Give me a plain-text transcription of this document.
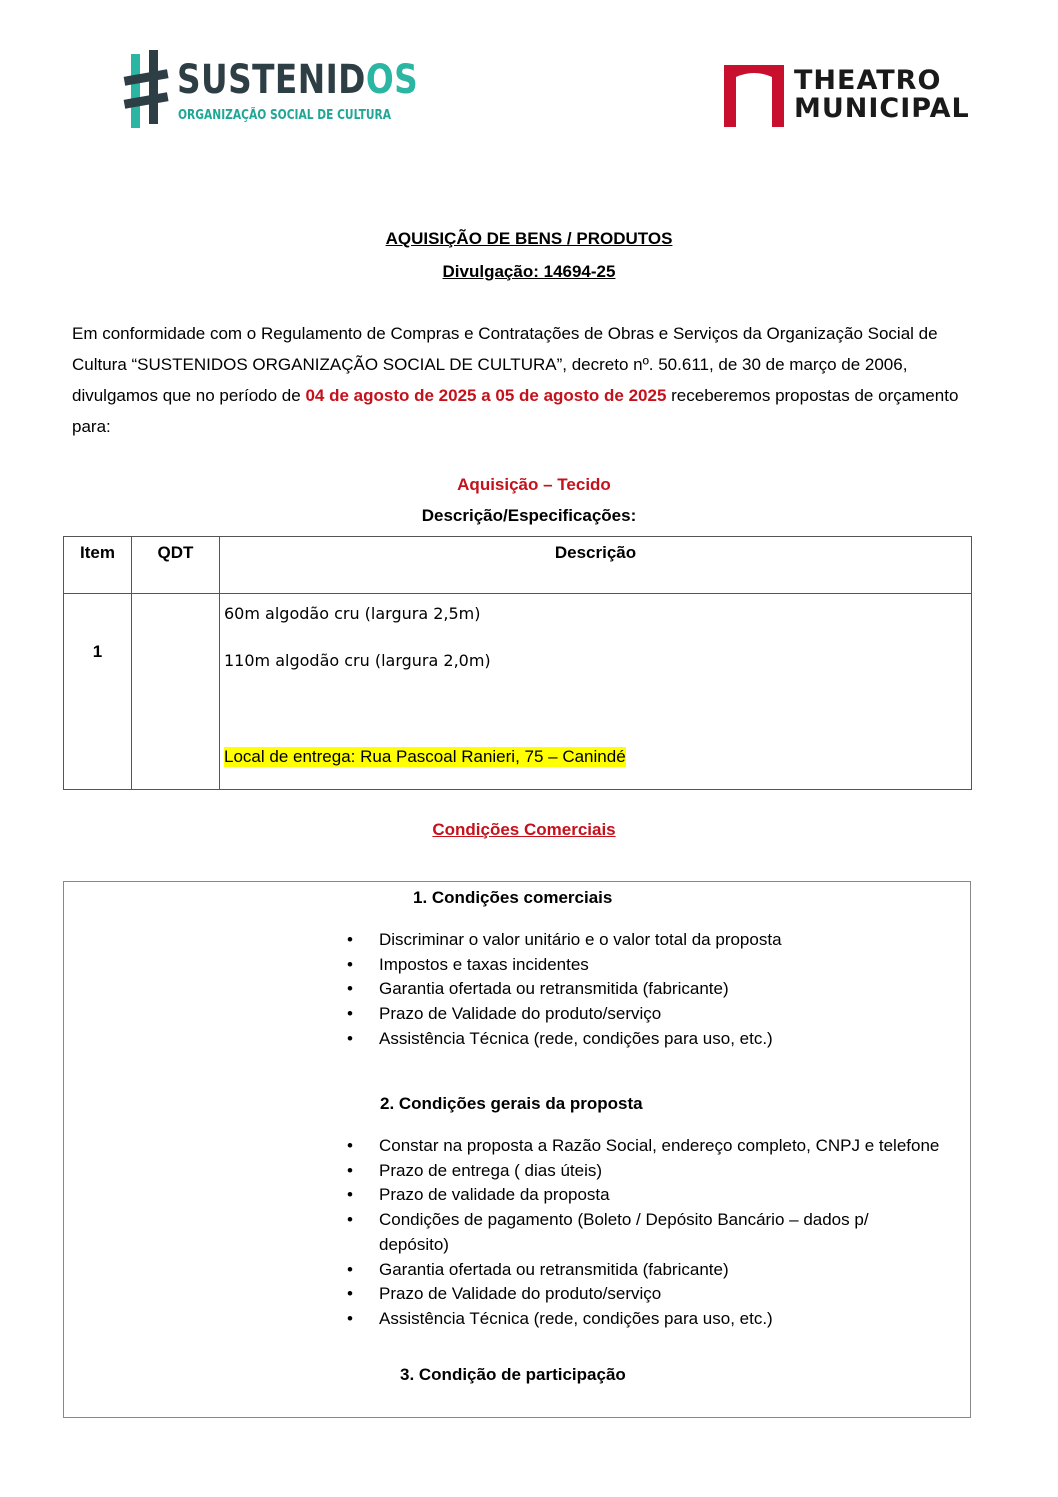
SUSTENIDOS
ORGANIZAÇÃO SOCIAL DE CULTURA
THEATRO
MUNICIPAL
AQUISIÇÃO DE BENS / PRODUTOS
Divulgação: 14694-25
Em conformidade com o Regulamento de Compras e Contratações de Obras e Serviços da Organização Social de Cultura “SUSTENIDOS ORGANIZAÇÃO SOCIAL DE CULTURA”, decreto nº. 50.611, de 30 de março de 2006, divulgamos que no período de 04 de agosto de 2025 a 05 de agosto de 2025 receberemos propostas de orçamento para:
Aquisição – Tecido
Descrição/Especificações:
Item	QDT	Descrição
1		60m algodão cru (largura 2,5m)
110m algodão cru (largura 2,0m)
Local de entrega: Rua Pascoal Ranieri, 75 – Canindé
Condições Comerciais
1. Condições comerciais
• Discriminar o valor unitário e o valor total da proposta
• Impostos e taxas incidentes
• Garantia ofertada ou retransmitida (fabricante)
• Prazo de Validade do produto/serviço
• Assistência Técnica (rede, condições para uso, etc.)
2. Condições gerais da proposta
• Constar na proposta a Razão Social, endereço completo, CNPJ e telefone
• Prazo de entrega ( dias úteis)
• Prazo de validade da proposta
• Condições de pagamento (Boleto / Depósito Bancário – dados p/ depósito)
• Garantia ofertada ou retransmitida (fabricante)
• Prazo de Validade do produto/serviço
• Assistência Técnica (rede, condições para uso, etc.)
3. Condição de participação
